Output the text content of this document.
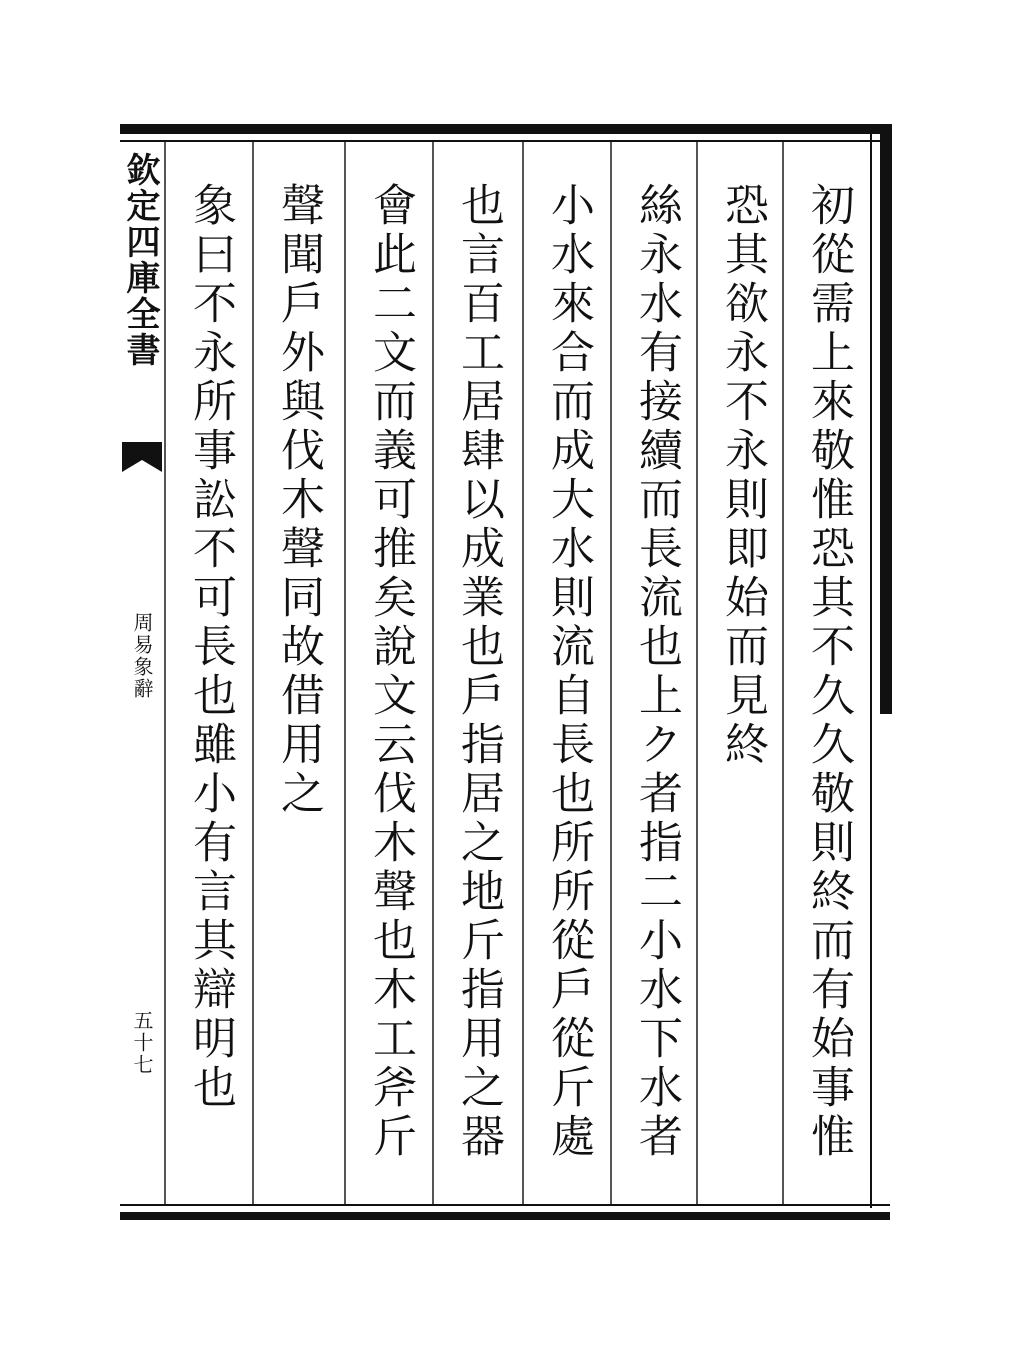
欽定四庫全書
周易象辭
五十七	初從需上來敬惟恐其不久久敬則終而有始事惟
恐其欲永不永則即始而見終
絲永水有接續而長流也上ク者指二小水下水者
小水來合而成大水則流自長也所所從戶從斤處
也言百工居肆以成業也戶指居之地斤指用之器
會此二文而義可推矣說文云伐木聲也木工斧斤
聲聞戶外與伐木聲同故借用之
象曰不永所事訟不可長也雖小有言其辯明也
